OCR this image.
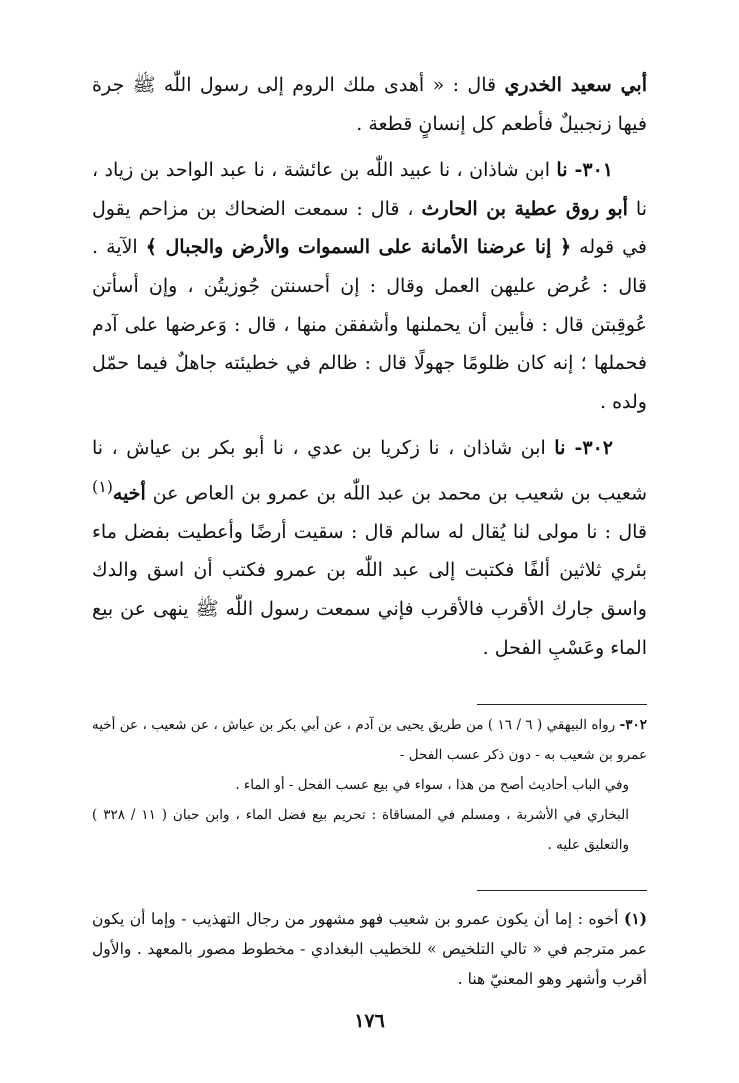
أبي سعيد الخدري قال : « أهدى ملك الروم إلى رسول اللّٰه ﷺ جرة فيها زنجبيلٌ فأطعم كل إنسانٍ قطعة .

٣٠١- نا ابن شاذان ، نا عبيد اللّٰه بن عائشة ، نا عبد الواحد بن زياد ، نا أبو روق عطية بن الحارث ، قال : سمعت الضحاك بن مزاحم يقول في قوله ﴿ إنا عرضنا الأمانة على السموات والأرض والجبال ﴾ الآية . قال : عُرض عليهن العمل وقال : إن أحسنتن جُوزيتُن ، وإن أسأتن عُوقِبتن قال : فأبين أن يحملنها وأشفقن منها ، قال : وَعرضها على آدم فحملها ؛ إنه كان ظلومًا جهولًا قال : ظالم في خطيئته جاهلٌ فيما حمّل ولده .

٣٠٢- نا ابن شاذان ، نا زكريا بن عدي ، نا أبو بكر بن عياش ، نا شعيب بن شعيب بن محمد بن عبد اللّٰه بن عمرو بن العاص عن أخيه$^{(١)}$ قال : نا مولى لنا يُقال له سالم قال : سقيت أرضًا وأعطيت بفضل ماء بئري ثلاثين ألفًا فكتبت إلى عبد اللّٰه بن عمرو فكتب أن اسق والدك واسق جارك الأقرب فالأقرب فإني سمعت رسول اللّٰه ﷺ ينهى عن بيع الماء وعَسْبِ الفحل .

٣٠٢- رواه البيهقي ( ٦ / ١٦ ) من طريق يحيى بن آدم ، عن أبي بكر بن عياش ، عن شعيب ، عن أخيه عمرو بن شعيب به - دون ذكر عسب الفحل -

وفي الباب أحاديث أصح من هذا ، سواء في بيع عسب الفحل - أو الماء .

البخاري في الأشربة ، ومسلم في المساقاة : تحريم بيع فضل الماء ، وابن حبان ( ١١ / ٣٢٨ ) والتعليق عليه .

(١) أخوه : إما أن يكون عمرو بن شعيب فهو مشهور من رجال التهذيب - وإما أن يكون عمر مترجم في « تالي التلخيص » للخطيب البغدادي - مخطوط مصور بالمعهد . والأول أقرب وأشهر وهو المعنيّ هنا .

١٧٦
